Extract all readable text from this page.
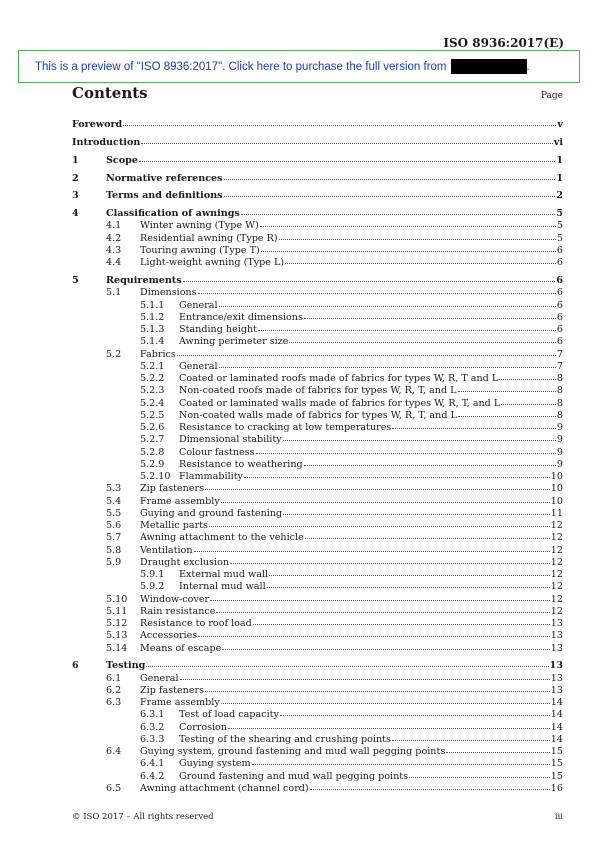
ISO 8936:2017(E)
This is a preview of "ISO 8936:2017". Click here to purchase the full version from	.
Contents	Page
Foreword	v
Introduction	vi
1	Scope	1
2	Normative references	1
3	Terms and definitions	2
4	Classification of awnings	5
4.1	Winter awning (Type W)	5
4.2	Residential awning (Type R)	5
4.3	Touring awning (Type T)	6
4.4	Light-weight awning (Type L)	6
5	Requirements	6
5.1	Dimensions	6
5.1.1	General	6
5.1.2	Entrance/exit dimensions	6
5.1.3	Standing height	6
5.1.4	Awning perimeter size	6
5.2	Fabrics	7
5.2.1	General	7
5.2.2	Coated or laminated roofs made of fabrics for types W, R, T and L	8
5.2.3	Non-coated roofs made of fabrics for types W, R, T, and L	8
5.2.4	Coated or laminated walls made of fabrics for types W, R, T, and L	8
5.2.5	Non-coated walls made of fabrics for types W, R, T, and L	8
5.2.6	Resistance to cracking at low temperatures	9
5.2.7	Dimensional stability	9
5.2.8	Colour fastness	9
5.2.9	Resistance to weathering	9
5.2.10 Flammability	10
5.3	Zip fasteners	10
5.4	Frame assembly	10
5.5	Guying and ground fastening	11
5.6	Metallic parts	12
5.7	Awning attachment to the vehicle	12
5.8	Ventilation	12
5.9	Draught exclusion	12
5.9.1	External mud wall	12
5.9.2	Internal mud wall	12
5.10	Window-cover	12
5.11	Rain resistance	12
5.12	Resistance to roof load	13
5.13	Accessories	13
5.14	Means of escape	13
6	Testing	13
6.1	General	13
6.2	Zip fasteners	13
6.3	Frame assembly	14
6.3.1	Test of load capacity	14
6.3.2	Corrosion	14
6.3.3	Testing of the shearing and crushing points	14
6.4	Guying system, ground fastening and mud wall pegging points	15
6.4.1	Guying system	15
6.4.2	Ground fastening and mud wall pegging points	15
6.5	Awning attachment (channel cord)	16
© ISO 2017 – All rights reserved	iii
